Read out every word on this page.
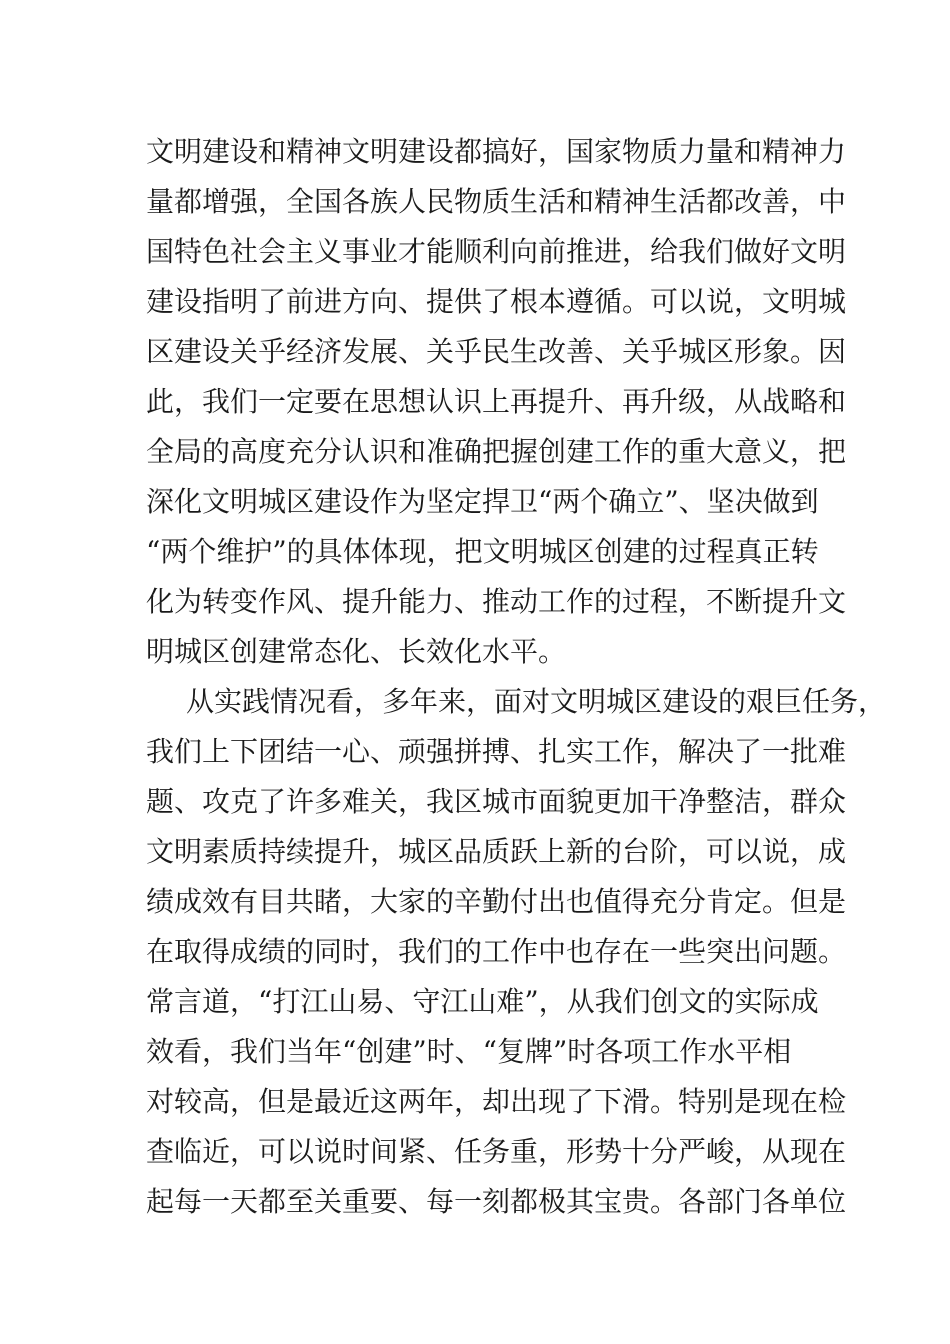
文明建设和精神文明建设都搞好，国家物质力量和精神力
量都增强，全国各族人民物质生活和精神生活都改善，中
国特色社会主义事业才能顺利向前推进，给我们做好文明
建设指明了前进方向、提供了根本遵循。可以说，文明城
区建设关乎经济发展、关乎民生改善、关乎城区形象。因
此，我们一定要在思想认识上再提升、再升级，从战略和
全局的高度充分认识和准确把握创建工作的重大意义，把
深化文明城区建设作为坚定捍卫“两个确立”、坚决做到
“两个维护”的具体体现，把文明城区创建的过程真正转
化为转变作风、提升能力、推动工作的过程，不断提升文
明城区创建常态化、长效化水平。
从实践情况看，多年来，面对文明城区建设的艰巨任务，
我们上下团结一心、顽强拼搏、扎实工作，解决了一批难
题、攻克了许多难关，我区城市面貌更加干净整洁，群众
文明素质持续提升，城区品质跃上新的台阶，可以说，成
绩成效有目共睹，大家的辛勤付出也值得充分肯定。但是
在取得成绩的同时，我们的工作中也存在一些突出问题。
常言道，“打江山易、守江山难”，从我们创文的实际成
效看，我们当年“创建”时、“复牌”时各项工作水平相
对较高，但是最近这两年，却出现了下滑。特别是现在检
查临近，可以说时间紧、任务重，形势十分严峻，从现在
起每一天都至关重要、每一刻都极其宝贵。各部门各单位
